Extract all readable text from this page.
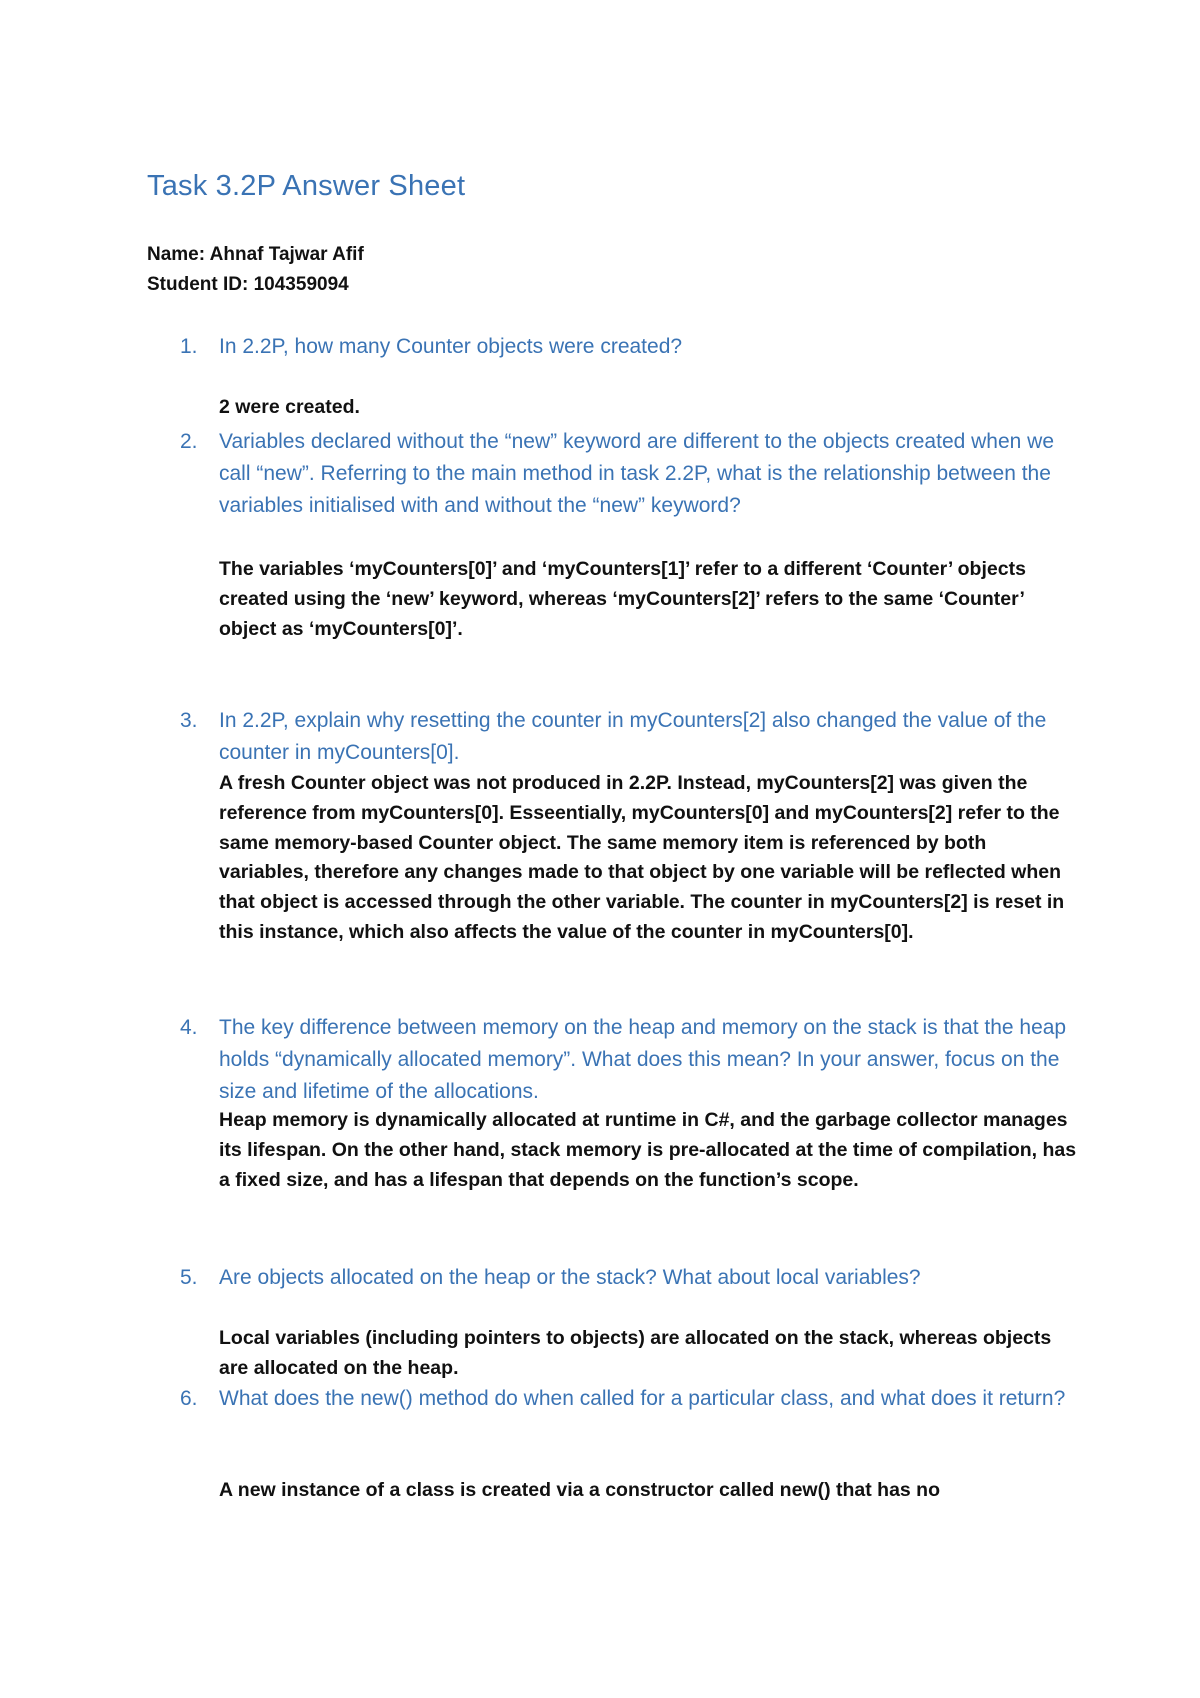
Task 3.2P Answer Sheet
Name: Ahnaf Tajwar Afif
Student ID: 104359094
1.	In 2.2P, how many Counter objects were created?
2 were created.
2.	Variables declared without the “new” keyword are different to the objects created when we call “new”. Referring to the main method in task 2.2P, what is the relationship between the variables initialised with and without the “new” keyword?
The variables ‘myCounters[0]’ and ‘myCounters[1]’ refer to a different ‘Counter’ objects created using the ‘new’ keyword, whereas ‘myCounters[2]’ refers to the same ‘Counter’ object as ‘myCounters[0]’.
3.	In 2.2P, explain why resetting the counter in myCounters[2] also changed the value of the counter in myCounters[0].
A fresh Counter object was not produced in 2.2P. Instead, myCounters[2] was given the reference from myCounters[0]. Esseentially, myCounters[0] and myCounters[2] refer to the same memory-based Counter object. The same memory item is referenced by both variables, therefore any changes made to that object by one variable will be reflected when that object is accessed through the other variable. The counter in myCounters[2] is reset in this instance, which also affects the value of the counter in myCounters[0].
4.	The key difference between memory on the heap and memory on the stack is that the heap holds “dynamically allocated memory”. What does this mean? In your answer, focus on the size and lifetime of the allocations.
Heap memory is dynamically allocated at runtime in C#, and the garbage collector manages its lifespan. On the other hand, stack memory is pre-allocated at the time of compilation, has a fixed size, and has a lifespan that depends on the function’s scope.
5.	Are objects allocated on the heap or the stack? What about local variables?
Local variables (including pointers to objects) are allocated on the stack, whereas objects are allocated on the heap.
6.	What does the new() method do when called for a particular class, and what does it return?
A new instance of a class is created via a constructor called new() that has no
